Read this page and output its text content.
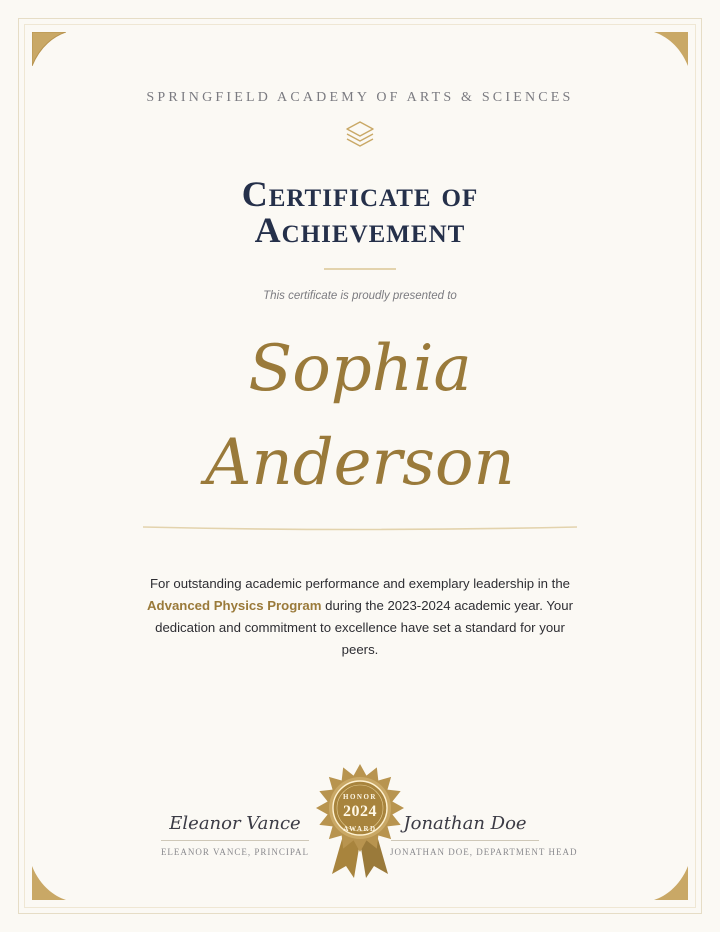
SPRINGFIELD ACADEMY OF ARTS & SCIENCES
Certificate of
Achievement
This certificate is proudly presented to
Sophia
Anderson
For outstanding academic performance and exemplary leadership in the Advanced Physics Program during the 2023-2024 academic year. Your dedication and commitment to excellence have set a standard for your peers.
Eleanor Vance
ELEANOR VANCE, PRINCIPAL
Jonathan Doe
JONATHAN DOE, DEPARTMENT HEAD
HONOR
2024
AWARD
